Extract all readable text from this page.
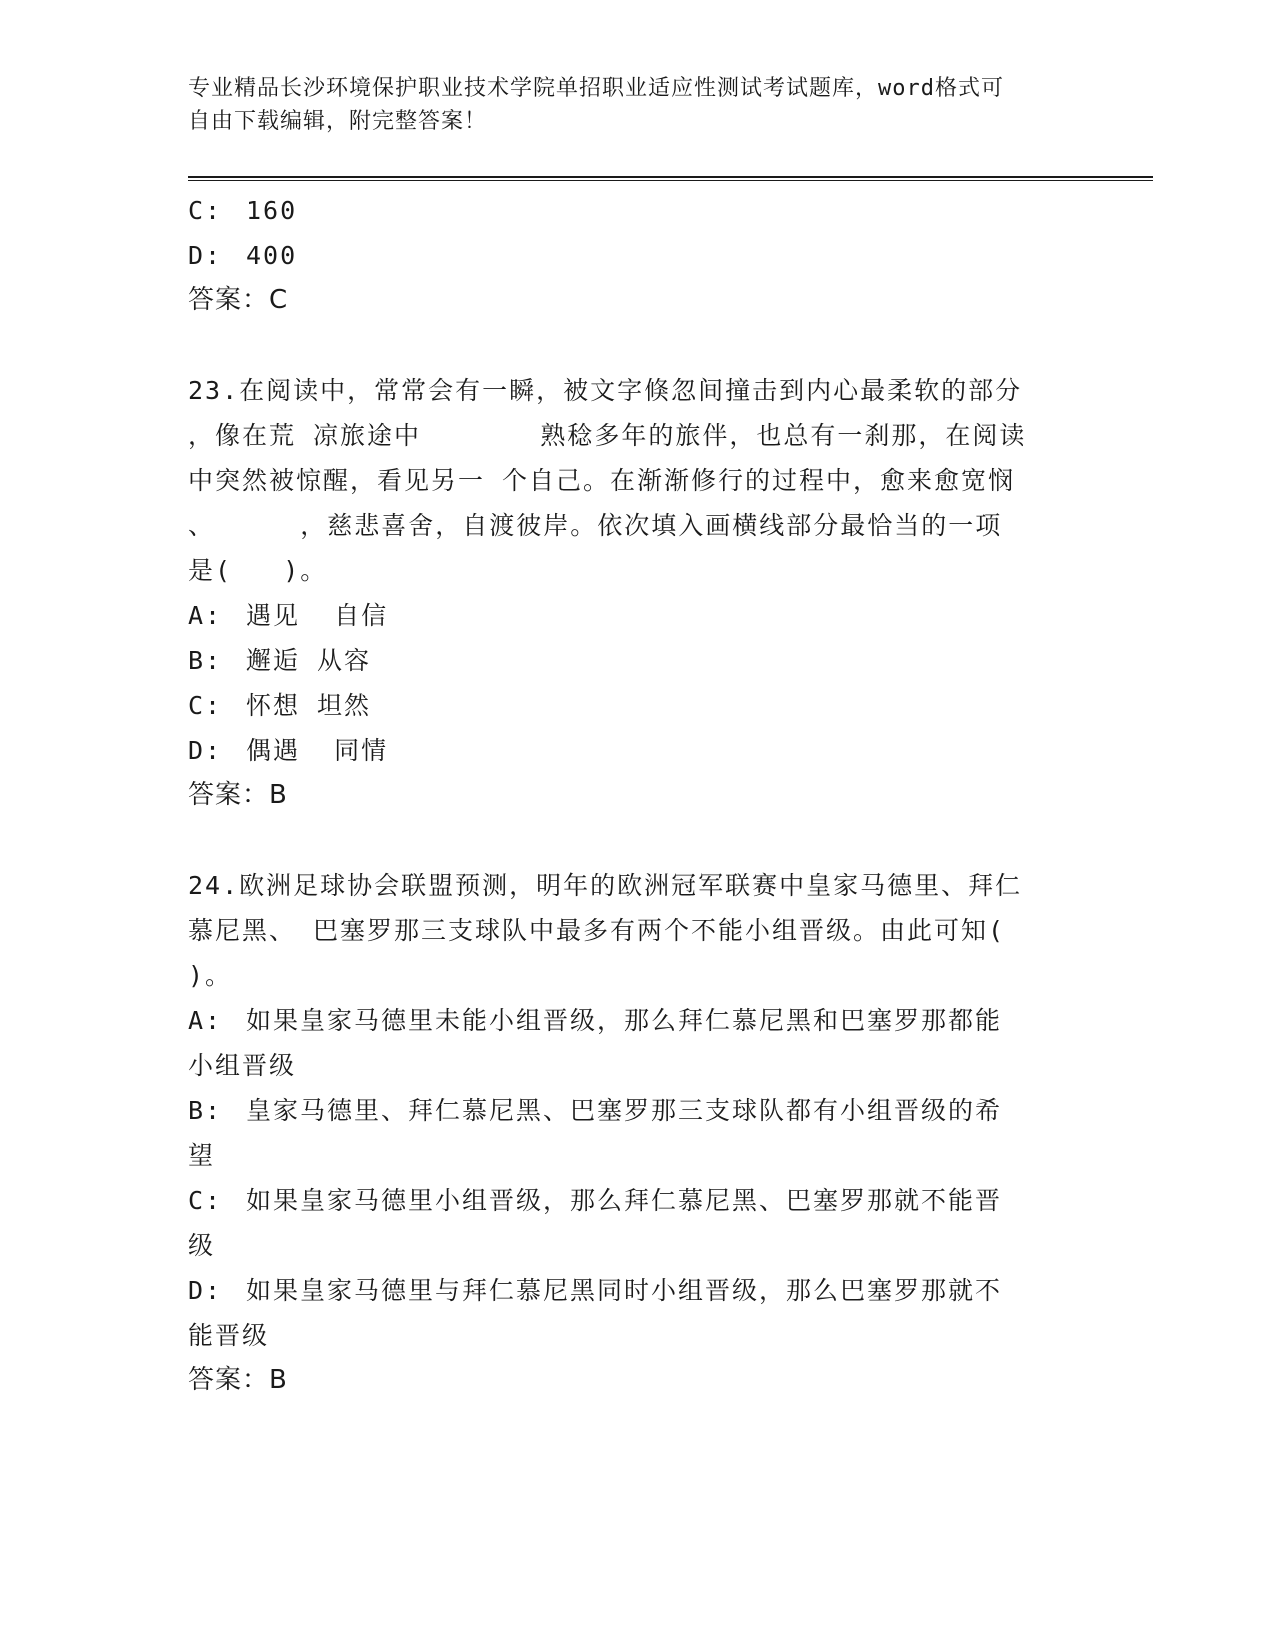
专业精品长沙环境保护职业技术学院单招职业适应性测试考试题库，word格式可
自由下载编辑，附完整答案！
C: 160
D: 400
答案：C
23.在阅读中，常常会有一瞬，被文字倏忽间撞击到内心最柔软的部分
，像在荒 凉旅途中       熟稔多年的旅伴，也总有一刹那，在阅读
中突然被惊醒，看见另一 个自己。在渐渐修行的过程中，愈来愈宽悯
、     ，慈悲喜舍，自渡彼岸。依次填入画横线部分最恰当的一项
是(   )。
A: 遇见  自信
B: 邂逅 从容
C: 怀想 坦然
D: 偶遇  同情
答案：B
24.欧洲足球协会联盟预测，明年的欧洲冠军联赛中皇家马德里、拜仁
慕尼黑、 巴塞罗那三支球队中最多有两个不能小组晋级。由此可知(
)。
A: 如果皇家马德里未能小组晋级，那么拜仁慕尼黑和巴塞罗那都能
小组晋级
B: 皇家马德里、拜仁慕尼黑、巴塞罗那三支球队都有小组晋级的希
望
C: 如果皇家马德里小组晋级，那么拜仁慕尼黑、巴塞罗那就不能晋
级
D: 如果皇家马德里与拜仁慕尼黑同时小组晋级，那么巴塞罗那就不
能晋级
答案：B
